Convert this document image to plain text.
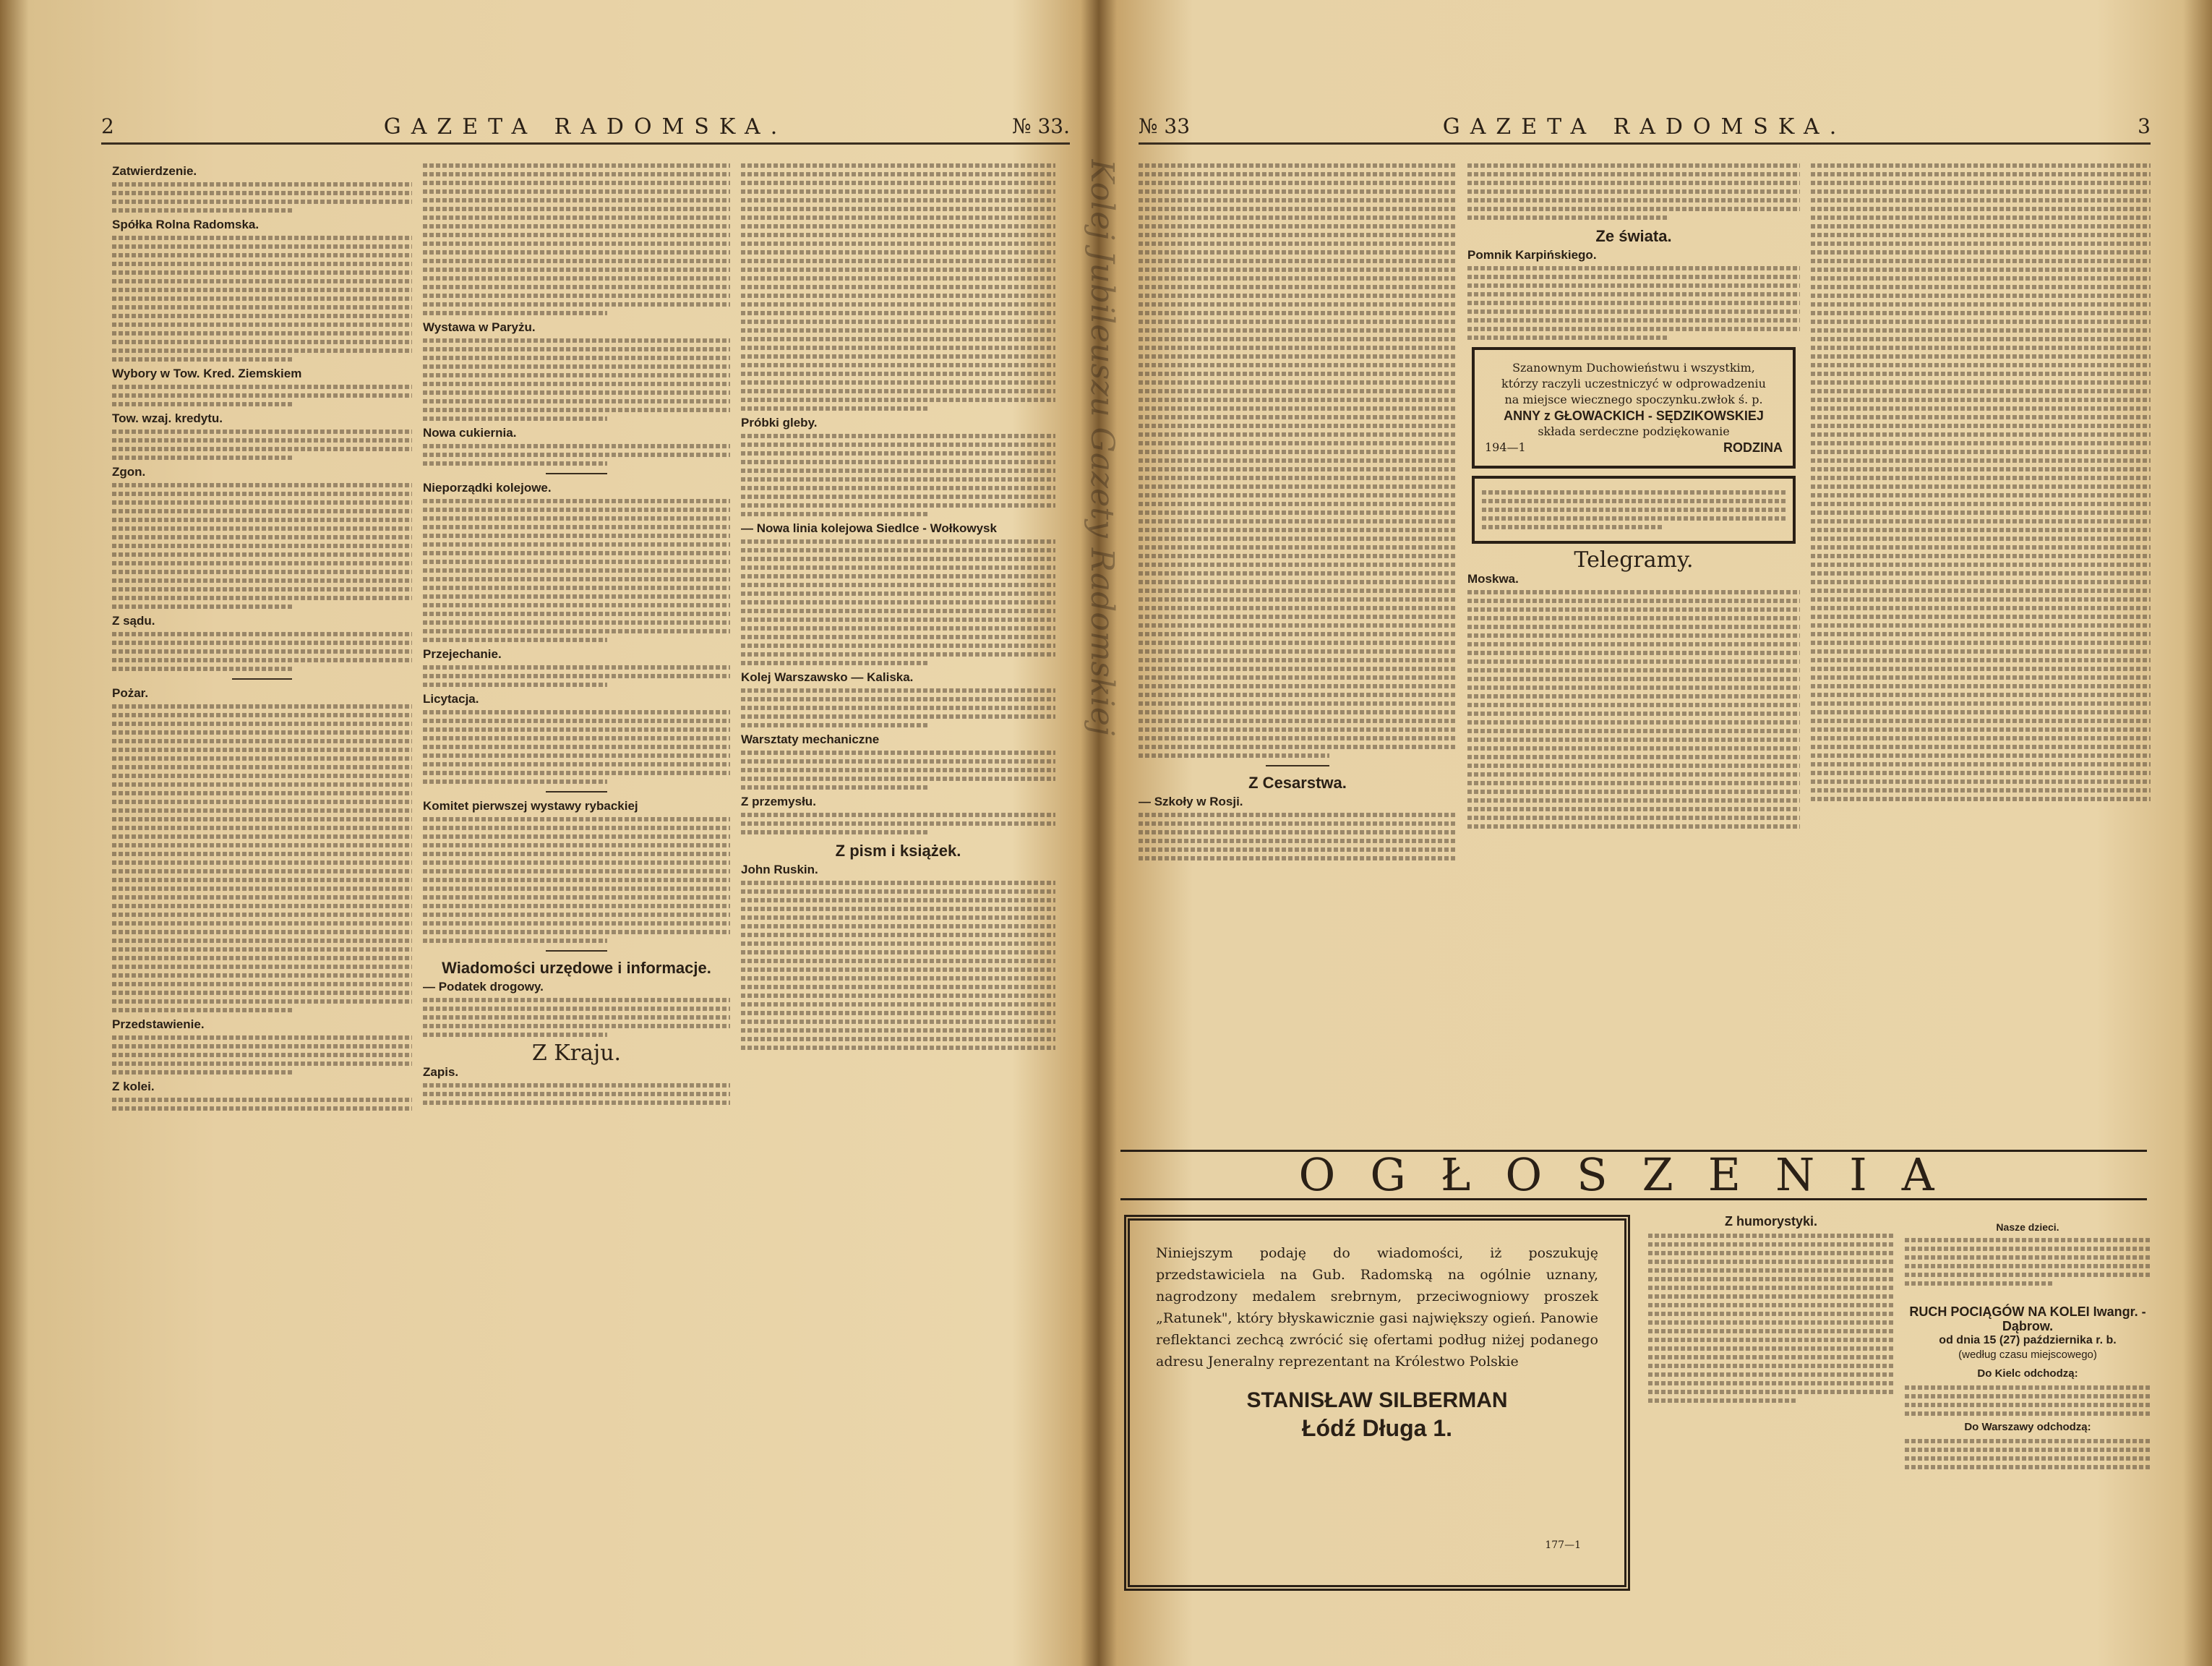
2	GAZETA RADOMSKA.	№ 33.
Zatwierdzenie.
Spółka Rolna Radomska.
Wybory w Tow. Kred. Ziemskiem
Tow. wzaj. kredytu.
Zgon.
Z sądu.
Pożar.
Przedstawienie.
Z kolei.
Wystawa w Paryżu.
Nowa cukiernia.
Nieporządki kolejowe.
Przejechanie.
Licytacja.
Komitet pierwszej wystawy rybackiej
Wiadomości urzędowe i informacje.
— Podatek drogowy.
Z Kraju.
Zapis.
Próbki gleby.
— Nowa linia kolejowa Siedlce - Wołkowysk
Kolej Warszawsko — Kaliska.
Warsztaty mechaniczne
Z przemysłu.
Z pism i książek.
John Ruskin.
Kolej Jubileuszu Gazety Radomskiej
№ 33	GAZETA RADOMSKA.	3
Z Cesarstwa.
— Szkoły w Rosji.
Ze świata.
Pomnik Karpińskiego.
Szanownym Duchowieństwu i wszystkim,
którzy raczyli uczestniczyć w odprowadzeniu
na miejsce wiecznego spoczynku.zwłok ś. p.
ANNY z GŁOWACKICH - SĘDZIKOWSKIEJ
składa serdeczne podziękowanie
194—1	RODZINA
Telegramy.
Moskwa.
OGŁOSZENIA
Niniejszym podaję do wiadomości, iż poszukuję przedstawiciela na Gub. Radomską na ogólnie uznany, nagrodzony medalem srebrnym, przeciwogniowy proszek „Ratunek", który błyskawicznie gasi największy ogień. Panowie reflektanci zechcą zwrócić się ofertami podług niżej podanego adresu Jeneralny reprezentant na Królestwo Polskie
STANISŁAW SILBERMAN
Łódź Długa 1.
177—1
Z humorystyki.	Nasze dzieci.
RUCH POCIĄGÓW NA KOLEI Iwangr. - Dąbrow.
od dnia 15 (27) października r. b.
(według czasu miejscowego)
Do Kielc odchodzą:
Do Warszawy odchodzą:
